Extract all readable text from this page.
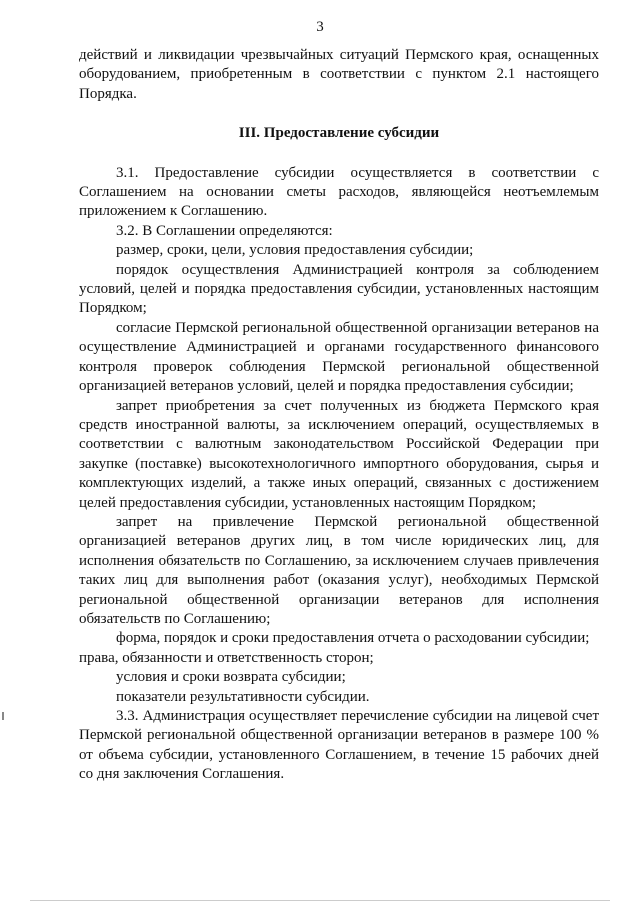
3

действий и ликвидации чрезвычайных ситуаций Пермского края, оснащенных оборудованием, приобретенным в соответствии с пунктом 2.1 настоящего Порядка.

III. Предоставление субсидии

3.1. Предоставление субсидии осуществляется в соответствии с Соглашением на основании сметы расходов, являющейся неотъемлемым приложением к Соглашению.

3.2. В Соглашении определяются:

размер, сроки, цели, условия предоставления субсидии;

порядок осуществления Администрацией контроля за соблюдением условий, целей и порядка предоставления субсидии, установленных настоящим Порядком;

согласие Пермской региональной общественной организации ветеранов на осуществление Администрацией и органами государственного финансового контроля проверок соблюдения Пермской региональной общественной организацией ветеранов условий, целей и порядка предоставления субсидии;

запрет приобретения за счет полученных из бюджета Пермского края средств иностранной валюты, за исключением операций, осуществляемых в соответствии с валютным законодательством Российской Федерации при закупке (поставке) высокотехнологичного импортного оборудования, сырья и комплектующих изделий, а также иных операций, связанных с достижением целей предоставления субсидии, установленных настоящим Порядком;

запрет на привлечение Пермской региональной общественной организацией ветеранов других лиц, в том числе юридических лиц, для исполнения обязательств по Соглашению, за исключением случаев привлечения таких лиц для выполнения работ (оказания услуг), необходимых Пермской региональной общественной организации ветеранов для исполнения обязательств по Соглашению;

форма, порядок и сроки предоставления отчета о расходовании субсидии;

права, обязанности и ответственность сторон;

условия и сроки возврата субсидии;

показатели результативности субсидии.

3.3. Администрация осуществляет перечисление субсидии на лицевой счет Пермской региональной общественной организации ветеранов в размере 100 % от объема субсидии, установленного Соглашением, в течение 15 рабочих дней со дня заключения Соглашения.
